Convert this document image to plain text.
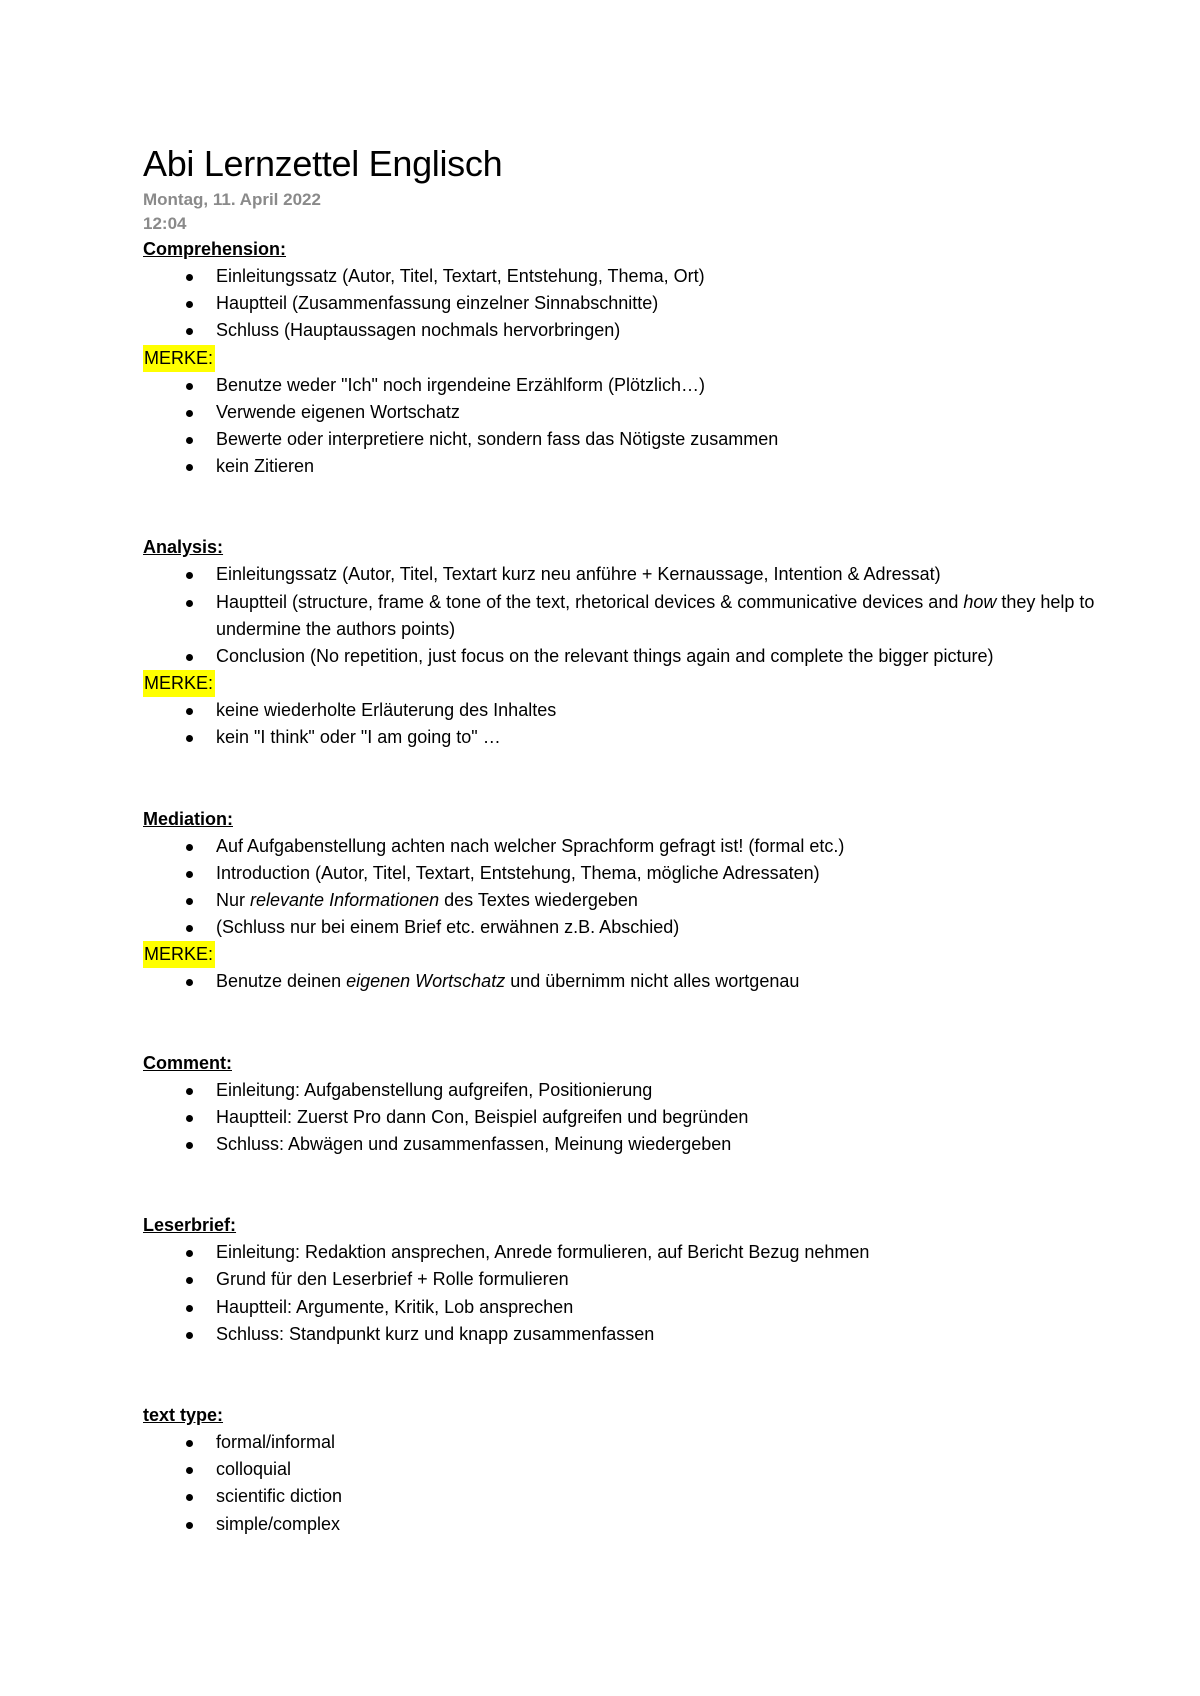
Abi Lernzettel Englisch
Montag, 11. April 2022
12:04
Comprehension:
Einleitungssatz (Autor, Titel, Textart, Entstehung, Thema, Ort)
Hauptteil (Zusammenfassung einzelner Sinnabschnitte)
Schluss (Hauptaussagen nochmals hervorbringen)
MERKE:
Benutze weder "Ich" noch irgendeine Erzählform (Plötzlich…)
Verwende eigenen Wortschatz
Bewerte oder interpretiere nicht, sondern fass das Nötigste zusammen
kein Zitieren
Analysis:
Einleitungssatz (Autor, Titel, Textart kurz neu anführe + Kernaussage, Intention & Adressat)
Hauptteil (structure, frame & tone of the text, rhetorical devices & communicative devices and how they help to undermine the authors points)
Conclusion (No repetition, just focus on the relevant things again and complete the bigger picture)
MERKE:
keine wiederholte Erläuterung des Inhaltes
kein "I think" oder "I am going to" …
Mediation:
Auf Aufgabenstellung achten nach welcher Sprachform gefragt ist! (formal etc.)
Introduction (Autor, Titel, Textart, Entstehung, Thema, mögliche Adressaten)
Nur relevante Informationen des Textes wiedergeben
(Schluss nur bei einem Brief etc. erwähnen z.B. Abschied)
MERKE:
Benutze deinen eigenen Wortschatz und übernimm nicht alles wortgenau
Comment:
Einleitung: Aufgabenstellung aufgreifen, Positionierung
Hauptteil: Zuerst Pro dann Con, Beispiel aufgreifen und begründen
Schluss: Abwägen und zusammenfassen, Meinung wiedergeben
Leserbrief:
Einleitung: Redaktion ansprechen, Anrede formulieren, auf Bericht Bezug nehmen
Grund für den Leserbrief + Rolle formulieren
Hauptteil: Argumente, Kritik, Lob ansprechen
Schluss: Standpunkt kurz und knapp zusammenfassen
text type:
formal/informal
colloquial
scientific diction
simple/complex
